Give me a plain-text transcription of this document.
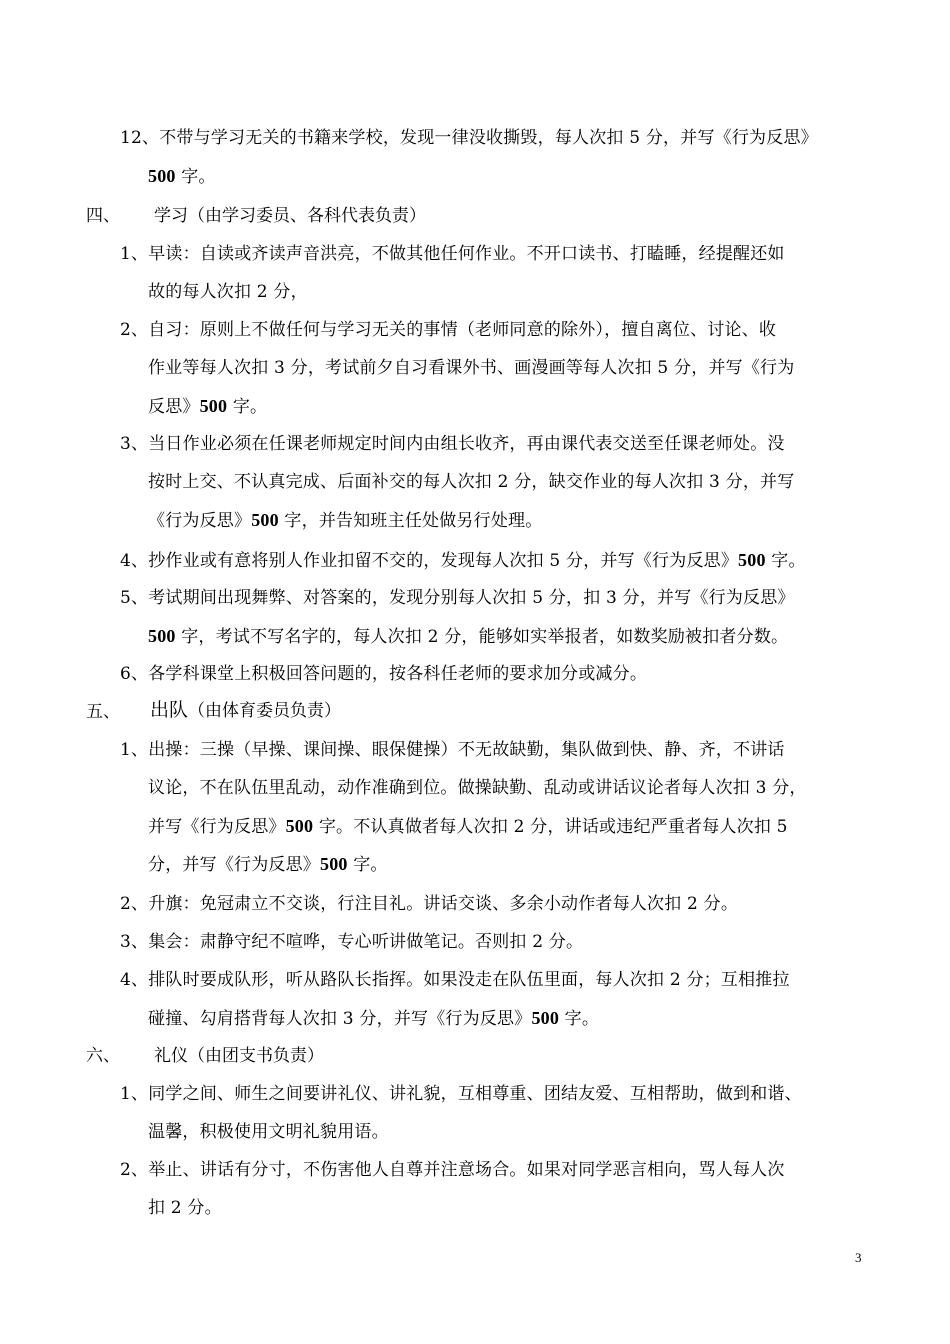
12、不带与学习无关的书籍来学校，发现一律没收撕毁，每人次扣 5 分，并写《行为反思》
500 字。
四、 学习（由学习委员、各科代表负责）
1、早读：自读或齐读声音洪亮，不做其他任何作业。不开口读书、打瞌睡，经提醒还如
故的每人次扣 2 分，
2、自习：原则上不做任何与学习无关的事情（老师同意的除外），擅自离位、讨论、收
作业等每人次扣 3 分，考试前夕自习看课外书、画漫画等每人次扣 5 分，并写《行为
反思》500 字。
3、当日作业必须在任课老师规定时间内由组长收齐，再由课代表交送至任课老师处。没
按时上交、不认真完成、后面补交的每人次扣 2 分，缺交作业的每人次扣 3 分，并写
《行为反思》500 字，并告知班主任处做另行处理。
4、抄作业或有意将别人作业扣留不交的，发现每人次扣 5 分，并写《行为反思》500 字。
5、考试期间出现舞弊、对答案的，发现分别每人次扣 5 分，扣 3 分，并写《行为反思》
500 字，考试不写名字的，每人次扣 2 分，能够如实举报者，如数奖励被扣者分数。
6、各学科课堂上积极回答问题的，按各科任老师的要求加分或减分。
五、 出队（由体育委员负责）
1、出操：三操（早操、课间操、眼保健操）不无故缺勤，集队做到快、静、齐，不讲话
议论，不在队伍里乱动，动作准确到位。做操缺勤、乱动或讲话议论者每人次扣 3 分，
并写《行为反思》500 字。不认真做者每人次扣 2 分，讲话或违纪严重者每人次扣 5
分，并写《行为反思》500 字。
2、升旗：免冠肃立不交谈，行注目礼。讲话交谈、多余小动作者每人次扣 2 分。
3、集会：肃静守纪不喧哗，专心听讲做笔记。否则扣 2 分。
4、排队时要成队形，听从路队长指挥。如果没走在队伍里面，每人次扣 2 分；互相推拉
碰撞、勾肩搭背每人次扣 3 分，并写《行为反思》500 字。
六、 礼仪（由团支书负责）
1、同学之间、师生之间要讲礼仪、讲礼貌，互相尊重、团结友爱、互相帮助，做到和谐、
温馨，积极使用文明礼貌用语。
2、举止、讲话有分寸，不伤害他人自尊并注意场合。如果对同学恶言相向，骂人每人次
扣 2 分。
3
